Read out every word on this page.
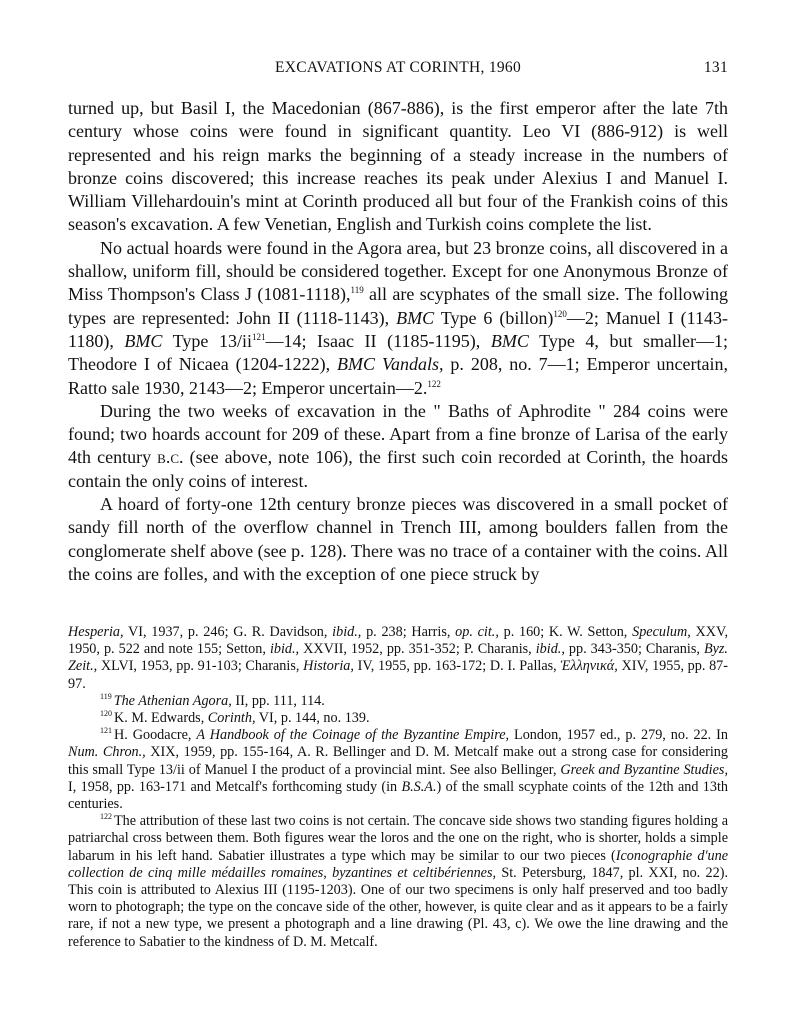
EXCAVATIONS AT CORINTH, 1960	131

turned up, but Basil I, the Macedonian (867-886), is the first emperor after the late 7th century whose coins were found in significant quantity. Leo VI (886-912) is well represented and his reign marks the beginning of a steady increase in the numbers of bronze coins discovered; this increase reaches its peak under Alexius I and Manuel I. William Villehardouin's mint at Corinth produced all but four of the Frankish coins of this season's excavation. A few Venetian, English and Turkish coins complete the list.

No actual hoards were found in the Agora area, but 23 bronze coins, all discovered in a shallow, uniform fill, should be considered together. Except for one Anonymous Bronze of Miss Thompson's Class J (1081-1118),$^{119}$ all are scyphates of the small size. The following types are represented: John II (1118-1143), BMC Type 6 (billon)$^{120}$—2; Manuel I (1143-1180), BMC Type $13/ii^{121}—14$; Isaac II (1185-1195), BMC Type 4, but smaller—1; Theodore I of Nicaea (1204-1222), BMC Vandals, p. 208, no. 7—1; Emperor uncertain, Ratto sale 1930, 2143—2; Emperor uncertain—2.$^{122}$

During the two weeks of excavation in the " Baths of Aphrodite " 284 coins were found; two hoards account for 209 of these. Apart from a fine bronze of Larisa of the early 4th century b.c. (see above, note 106), the first such coin recorded at Corinth, the hoards contain the only coins of interest.

A hoard of forty-one 12th century bronze pieces was discovered in a small pocket of sandy fill north of the overflow channel in Trench III, among boulders fallen from the conglomerate shelf above (see p. 128). There was no trace of a container with the coins. All the coins are folles, and with the exception of one piece struck by

Hesperia, VI, 1937, p. 246; G. R. Davidson, ibid., p. 238; Harris, op. cit., p. 160; K. W. Setton, Speculum, XXV, 1950, p. 522 and note 155; Setton, ibid., XXVII, 1952, pp. 351-352; P. Charanis, ibid., pp. 343-350; Charanis, Byz. Zeit., XLVI, 1953, pp. 91-103; Charanis, Historia, IV, 1955, pp. 163-172; D. I. Pallas, Ἑλληνικά, XIV, 1955, pp. 87-97.

$^{119}$ The Athenian Agora, II, pp. 111, 114.

$^{120}$ K. M. Edwards, Corinth, VI, p. 144, no. 139.

$^{121}$ H. Goodacre, A Handbook of the Coinage of the Byzantine Empire, London, 1957 ed., p. 279, no. 22. In Num. Chron., XIX, 1959, pp. 155-164, A. R. Bellinger and D. M. Metcalf make out a strong case for considering this small Type 13/ii of Manuel I the product of a provincial mint. See also Bellinger, Greek and Byzantine Studies, I, 1958, pp. 163-171 and Metcalf's forthcoming study (in B.S.A.) of the small scyphate coints of the 12th and 13th centuries.

$^{122}$ The attribution of these last two coins is not certain. The concave side shows two standing figures holding a patriarchal cross between them. Both figures wear the loros and the one on the right, who is shorter, holds a simple labarum in his left hand. Sabatier illustrates a type which may be similar to our two pieces (Iconographie d'une collection de cinq mille médailles romaines, byzantines et celtibériennes, St. Petersburg, 1847, pl. XXI, no. 22). This coin is attributed to Alexius III (1195-1203). One of our two specimens is only half preserved and too badly worn to photograph; the type on the concave side of the other, however, is quite clear and as it appears to be a fairly rare, if not a new type, we present a photograph and a line drawing (Pl. 43, c). We owe the line drawing and the reference to Sabatier to the kindness of D. M. Metcalf.
